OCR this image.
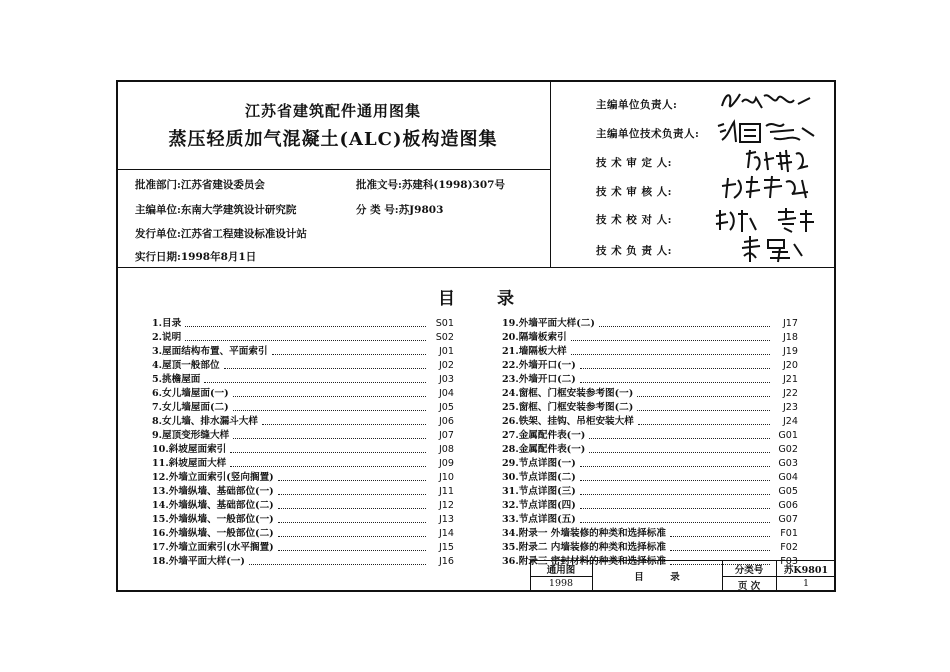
江苏省建筑配件通用图集
蒸压轻质加气混凝土(ALC)板构造图集
批准部门:江苏省建设委员会	批准文号:苏建科(1998)307号
主编单位:东南大学建筑设计研究院	分 类 号:苏J9803
发行单位:江苏省工程建设标准设计站
实行日期:1998年8月1日
主编单位负责人:
主编单位技术负责人:
技 术 审 定 人:
技 术 审 核 人:
技 术 校 对 人:
技 术 负 责 人:
目 录
1.目录	S01
2.说明	S02
3.屋面结构布置、平面索引	J01
4.屋顶一般部位	J02
5.挑檐屋面	J03
6.女儿墙屋面(一)	J04
7.女儿墙屋面(二)	J05
8.女儿墙、排水漏斗大样	J06
9.屋顶变形缝大样	J07
10.斜坡屋面索引	J08
11.斜坡屋面大样	J09
12.外墙立面索引(竖向搁置)	J10
13.外墙纵墙、基础部位(一)	J11
14.外墙纵墙、基础部位(二)	J12
15.外墙纵墙、一般部位(一)	J13
16.外墙纵墙、一般部位(二)	J14
17.外墙立面索引(水平搁置)	J15
18.外墙平面大样(一)	J16
19.外墙平面大样(二)	J17
20.隔墙板索引	J18
21.墙隔板大样	J19
22.外墙开口(一)	J20
23.外墙开口(二)	J21
24.窗框、门框安装参考图(一)	J22
25.窗框、门框安装参考图(二)	J23
26.铁架、挂钩、吊柜安装大样	J24
27.金属配件表(一)	G01
28.金属配件表(一)	G02
29.节点详图(一)	G03
30.节点详图(二)	G04
31.节点详图(三)	G05
32.节点详图(四)	G06
33.节点详图(五)	G07
34.附录一 外墙装修的种类和选择标准	F01
35.附录二 内墙装修的种类和选择标准	F02
36.附录三 密封材料的种类和选择标准	F03
通用图
1998
目        录
分类号	苏K9801
页 次	1
